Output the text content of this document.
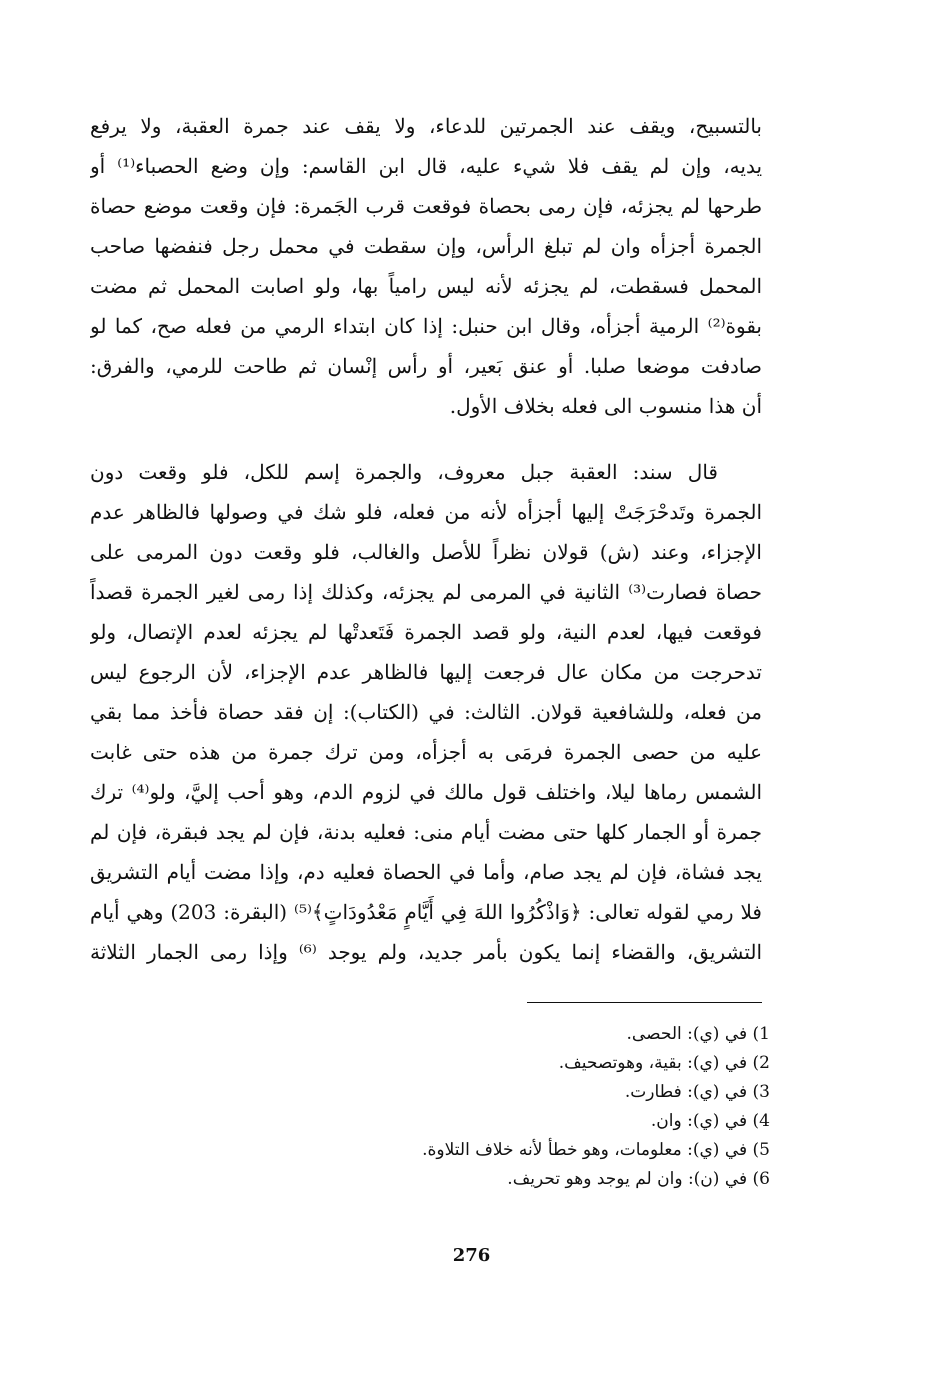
بالتسبيح، ويقف عند الجمرتين للدعاء، ولا يقف عند جمرة العقبة، ولا يرفع
يديه، وإن لم يقف فلا شيء عليه، قال ابن القاسم: وإن وضع الحصباء⁽¹⁾ أو
طرحها لم يجزئه، فإن رمى بحصاة فوقعت قرب الجَمرة: فإن وقعت موضع حصاة
الجمرة أجزأه وان لم تبلغ الرأس، وإن سقطت في محمل رجل فنفضها صاحب
المحمل فسقطت، لم يجزئه لأنه ليس رامياً بها، ولو اصابت المحمل ثم مضت
بقوة⁽²⁾ الرمية أجزأه، وقال ابن حنبل: إذا كان ابتداء الرمي من فعله صح، كما لو
صادفت موضعا صلبا. أو عنق بَعير، أو رأس إنْسان ثم طاحت للرمي، والفرق:
أن هذا منسوب الى فعله بخلاف الأول.
قال سند: العقبة جبل معروف، والجمرة إسم للكل، فلو وقعت دون
الجمرة وتَدحْرَجَتْ إليها أجزأه لأنه من فعله، فلو شك في وصولها فالظاهر عدم
الإجزاء، وعند (ش) قولان نظراً للأصل والغالب، فلو وقعت دون المرمى على
حصاة فصارت⁽³⁾ الثانية في المرمى لم يجزئه، وكذلك إذا رمى لغير الجمرة قصداً
فوقعت فيها، لعدم النية، ولو قصد الجمرة فَتَعدتْها لم يجزئه لعدم الإتصال، ولو
تدحرجت من مكان عال فرجعت إليها فالظاهر عدم الإجزاء، لأن الرجوع ليس
من فعله، وللشافعية قولان. الثالث: في (الكتاب): إن فقد حصاة فأخذ مما بقي
عليه من حصى الجمرة فرمَى به أجزأه، ومن ترك جمرة من هذه حتى غابت
الشمس رماها ليلا، واختلف قول مالك في لزوم الدم، وهو أحب إليَّ، ولو⁽⁴⁾ ترك
جمرة أو الجمار كلها حتى مضت أيام منى: فعليه بدنة، فإن لم يجد فبقرة، فإن لم
يجد فشاة، فإن لم يجد صام، وأما في الحصاة فعليه دم، وإذا مضت أيام التشريق
فلا رمي لقوله تعالى: ﴿وَاذْكُرُوا اللهَ فِي أَيَّامٍ مَعْدُودَاتٍ﴾⁽⁵⁾ (البقرة: 203) وهي أيام
التشريق، والقضاء إنما يكون بأمر جديد، ولم يوجد ⁽⁶⁾ وإذا رمى الجمار الثلاثة
1) في (ي): الحصى.
2) في (ي): بقية، وهوتصحيف.
3) في (ي): فطارت.
4) في (ي): وان.
5) في (ي): معلومات، وهو خطأ لأنه خلاف التلاوة.
6) في (ن): وان لم يوجد وهو تحريف.
276
